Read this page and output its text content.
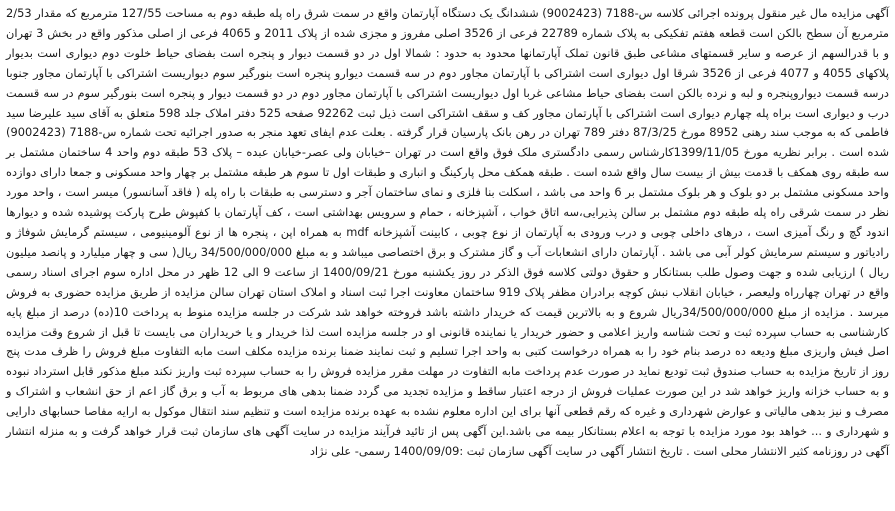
آگهی مزایده مال غیر منقول پرونده اجرائی کلاسه س-7188 (9002423) ششدانگ یک دستگاه آپارتمان واقع در سمت شرق راه پله طبقه دوم به مساحت 127/55 مترمربع که مقدار 2/53 مترمربع آن سطح بالکن است قطعه هفتم تفکیکی به پلاک شماره 22789 فرعی از 3526 اصلی مفروز و مجزی شده از پلاک 2011 و 4065 فرعی از اصلی مذکور واقع در بخش 3 تهران و با قدرالسهم از عرصه و سایر قسمتهای مشاعی طبق قانون تملک آپارتمانها محدود به حدود : شمالا اول در دو قسمت دیوار و پنجره است بفضای حیاط خلوت دوم دیواری است بدیوار پلاکهای 4055 و 4077 فرعی از 3526 شرقا اول دیواری است اشتراکی با آپارتمان مجاور دوم در سه قسمت دیوارو پنجره است بنورگیر سوم دیواریست اشتراکی با آپارتمان مجاور جنوبا درسه قسمت دیواروپنجره و لبه و نرده بالکن است بفضای حیاط مشاعی غربا اول دیواریست اشتراکی با آپارتمان مجاور دوم در دو قسمت دیوار و پنجره است بنورگیر سوم در سه قسمت درب و دیواری است براه پله چهارم دیواری است اشتراکی با آپارتمان مجاور کف و سقف اشتراکی است ذیل ثبت 92262 صفحه 525 دفتر املاک جلد 598 متعلق به آقای سید علیرضا سید فاطمی که به موجب سند رهنی 8952 مورخ 87/3/25 دفتر 789 تهران در رهن بانک پارسیان قرار گرفته . بعلت عدم ایفای تعهد منجر به صدور اجرائیه تحت شماره س-7188 (9002423) شده است . برابر نظریه مورخ 1399/11/05کارشناس رسمی دادگستری ملک فوق واقع است در تهران –خیابان ولی عصر-خیابان عبده – پلاک 53 طبقه دوم واحد 4 ساختمان مشتمل بر سه طبقه روی همکف با قدمت بیش از بیست سال واقع شده است . طبقه همکف محل پارکینگ و انباری و طبقات اول تا سوم هر طبقه مشتمل بر چهار واحد مسکونی و جمعا دارای دوازده واحد مسکونی مشتمل بر دو بلوک و هر بلوک مشتمل بر 6 واحد می باشد ، اسکلت بنا فلزی و نمای ساختمان آجر و دسترسی به طبقات با راه پله ( فاقد آسانسور) میسر است ، واحد مورد نظر در سمت شرقی راه پله طبقه دوم مشتمل بر سالن پذیرایی،سه اتاق خواب ، آشپزخانه ، حمام و سرویس بهداشتی است ، کف آپارتمان با کفپوش طرح پارکت پوشیده شده و دیوارها اندود گچ و رنگ آمیزی است ، درهای داخلی چوبی و درب ورودی به آپارتمان از نوع چوبی ، کابینت آشپزخانه mdf به همراه اپن ، پنجره ها از نوع آلومینیومی ، سیستم گرمایش شوفاژ و رادیاتور و سیستم سرمایش کولر آبی می باشد . آپارتمان دارای انشعابات آب و گاز مشترک و برق اختصاصی میباشد و به مبلغ 34/500/000/000 ریال( سی و چهار میلیارد و پانصد میلیون ریال ) ارزیابی شده و جهت وصول طلب بستانکار و حقوق دولتی کلاسه فوق الذکر در روز یکشنبه مورخ 1400/09/21 از ساعت 9 الی 12 ظهر در محل اداره سوم اجرای اسناد رسمی واقع در تهران چهارراه ولیعصر ، خیابان انقلاب نبش کوچه برادران مظفر پلاک 919 ساختمان معاونت اجرا ثبت اسناد و املاک استان تهران سالن مزایده از طریق مزایده حضوری به فروش میرسد . مزایده از مبلغ 34/500/000/000ریال شروع و به بالاترین قیمت که خریدار داشته باشد فروخته خواهد شد شرکت در جلسه مزایده منوط به پرداخت 10(ده) درصد از مبلغ پایه کارشناسی به حساب سپرده ثبت و تحت شناسه واریز اعلامی و حضور خریدار یا نماینده قانونی او در جلسه مزایده است لذا خریدار و یا خریداران می بایست تا قبل از شروع وقت مزایده اصل فیش واریزی مبلغ ودیعه ده درصد بنام خود را به همراه درخواست کتبی به واحد اجرا تسلیم و ثبت نمایند ضمنا برنده مزایده مکلف است مابه التفاوت مبلغ فروش را ظرف مدت پنج روز از تاریخ مزایده به حساب صندوق ثبت تودیع نماید در صورت عدم پرداخت مابه التفاوت در مهلت مقرر مزایده فروش را به حساب سپرده ثبت واریز نکند مبلغ مذکور قابل استرداد نبوده و به حساب خزانه واریز خواهد شد در این صورت عملیات فروش از درجه اعتبار ساقط و مزایده تجدید می گردد ضمنا بدهی های مربوط به آب و برق گاز اعم از حق انشعاب و اشتراک و مصرف و نیز بدهی مالیاتی و عوارض شهرداری و غیره که رقم قطعی آنها برای این اداره معلوم نشده به عهده برنده مزایده است و تنظیم سند انتقال موکول به ارایه مفاصا حسابهای دارایی و شهرداری و ... خواهد بود مورد مزایده با توجه به اعلام بستانکار بیمه می باشد.این آگهی پس از تائید فرآیند مزایده در سایت آگهی های سازمان ثبت قرار خواهد گرفت و به منزله انتشار آگهی در روزنامه کثیر الانتشار محلی است . تاریخ انتشار آگهی در سایت آگهی سازمان ثبت :1400/09/09 رسمی- علی نژاد
